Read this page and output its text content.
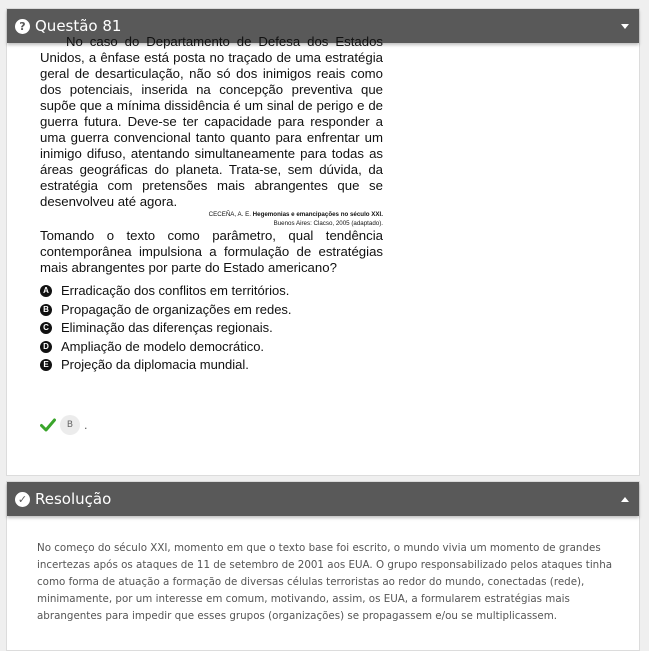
? Questão 81

No caso do Departamento de Defesa dos Estados Unidos, a ênfase está posta no traçado de uma estratégia geral de desarticulação, não só dos inimigos reais como dos potenciais, inserida na concepção preventiva que supõe que a mínima dissidência é um sinal de perigo e de guerra futura. Deve-se ter capacidade para responder a uma guerra convencional tanto quanto para enfrentar um inimigo difuso, atentando simultaneamente para todas as áreas geográficas do planeta. Trata-se, sem dúvida, da estratégia com pretensões mais abrangentes que se desenvolveu até agora.

CECEÑA, A. E. Hegemonias e emancipações no século XXI.
Buenos Aires: Clacso, 2005 (adaptado).

Tomando o texto como parâmetro, qual tendência contemporânea impulsiona a formulação de estratégias mais abrangentes por parte do Estado americano?

A Erradicação dos conflitos em territórios.
B Propagação de organizações em redes.
C Eliminação das diferenças regionais.
D Ampliação de modelo democrático.
E Projeção da diplomacia mundial.
B .
✓ Resolução

No começo do século XXI, momento em que o texto base foi escrito, o mundo vivia um momento de grandes incertezas após os ataques de 11 de setembro de 2001 aos EUA. O grupo responsabilizado pelos ataques tinha como forma de atuação a formação de diversas células terroristas ao redor do mundo, conectadas (rede), minimamente, por um interesse em comum, motivando, assim, os EUA, a formularem estratégias mais abrangentes para impedir que esses grupos (organizações) se propagassem e/ou se multiplicassem.
